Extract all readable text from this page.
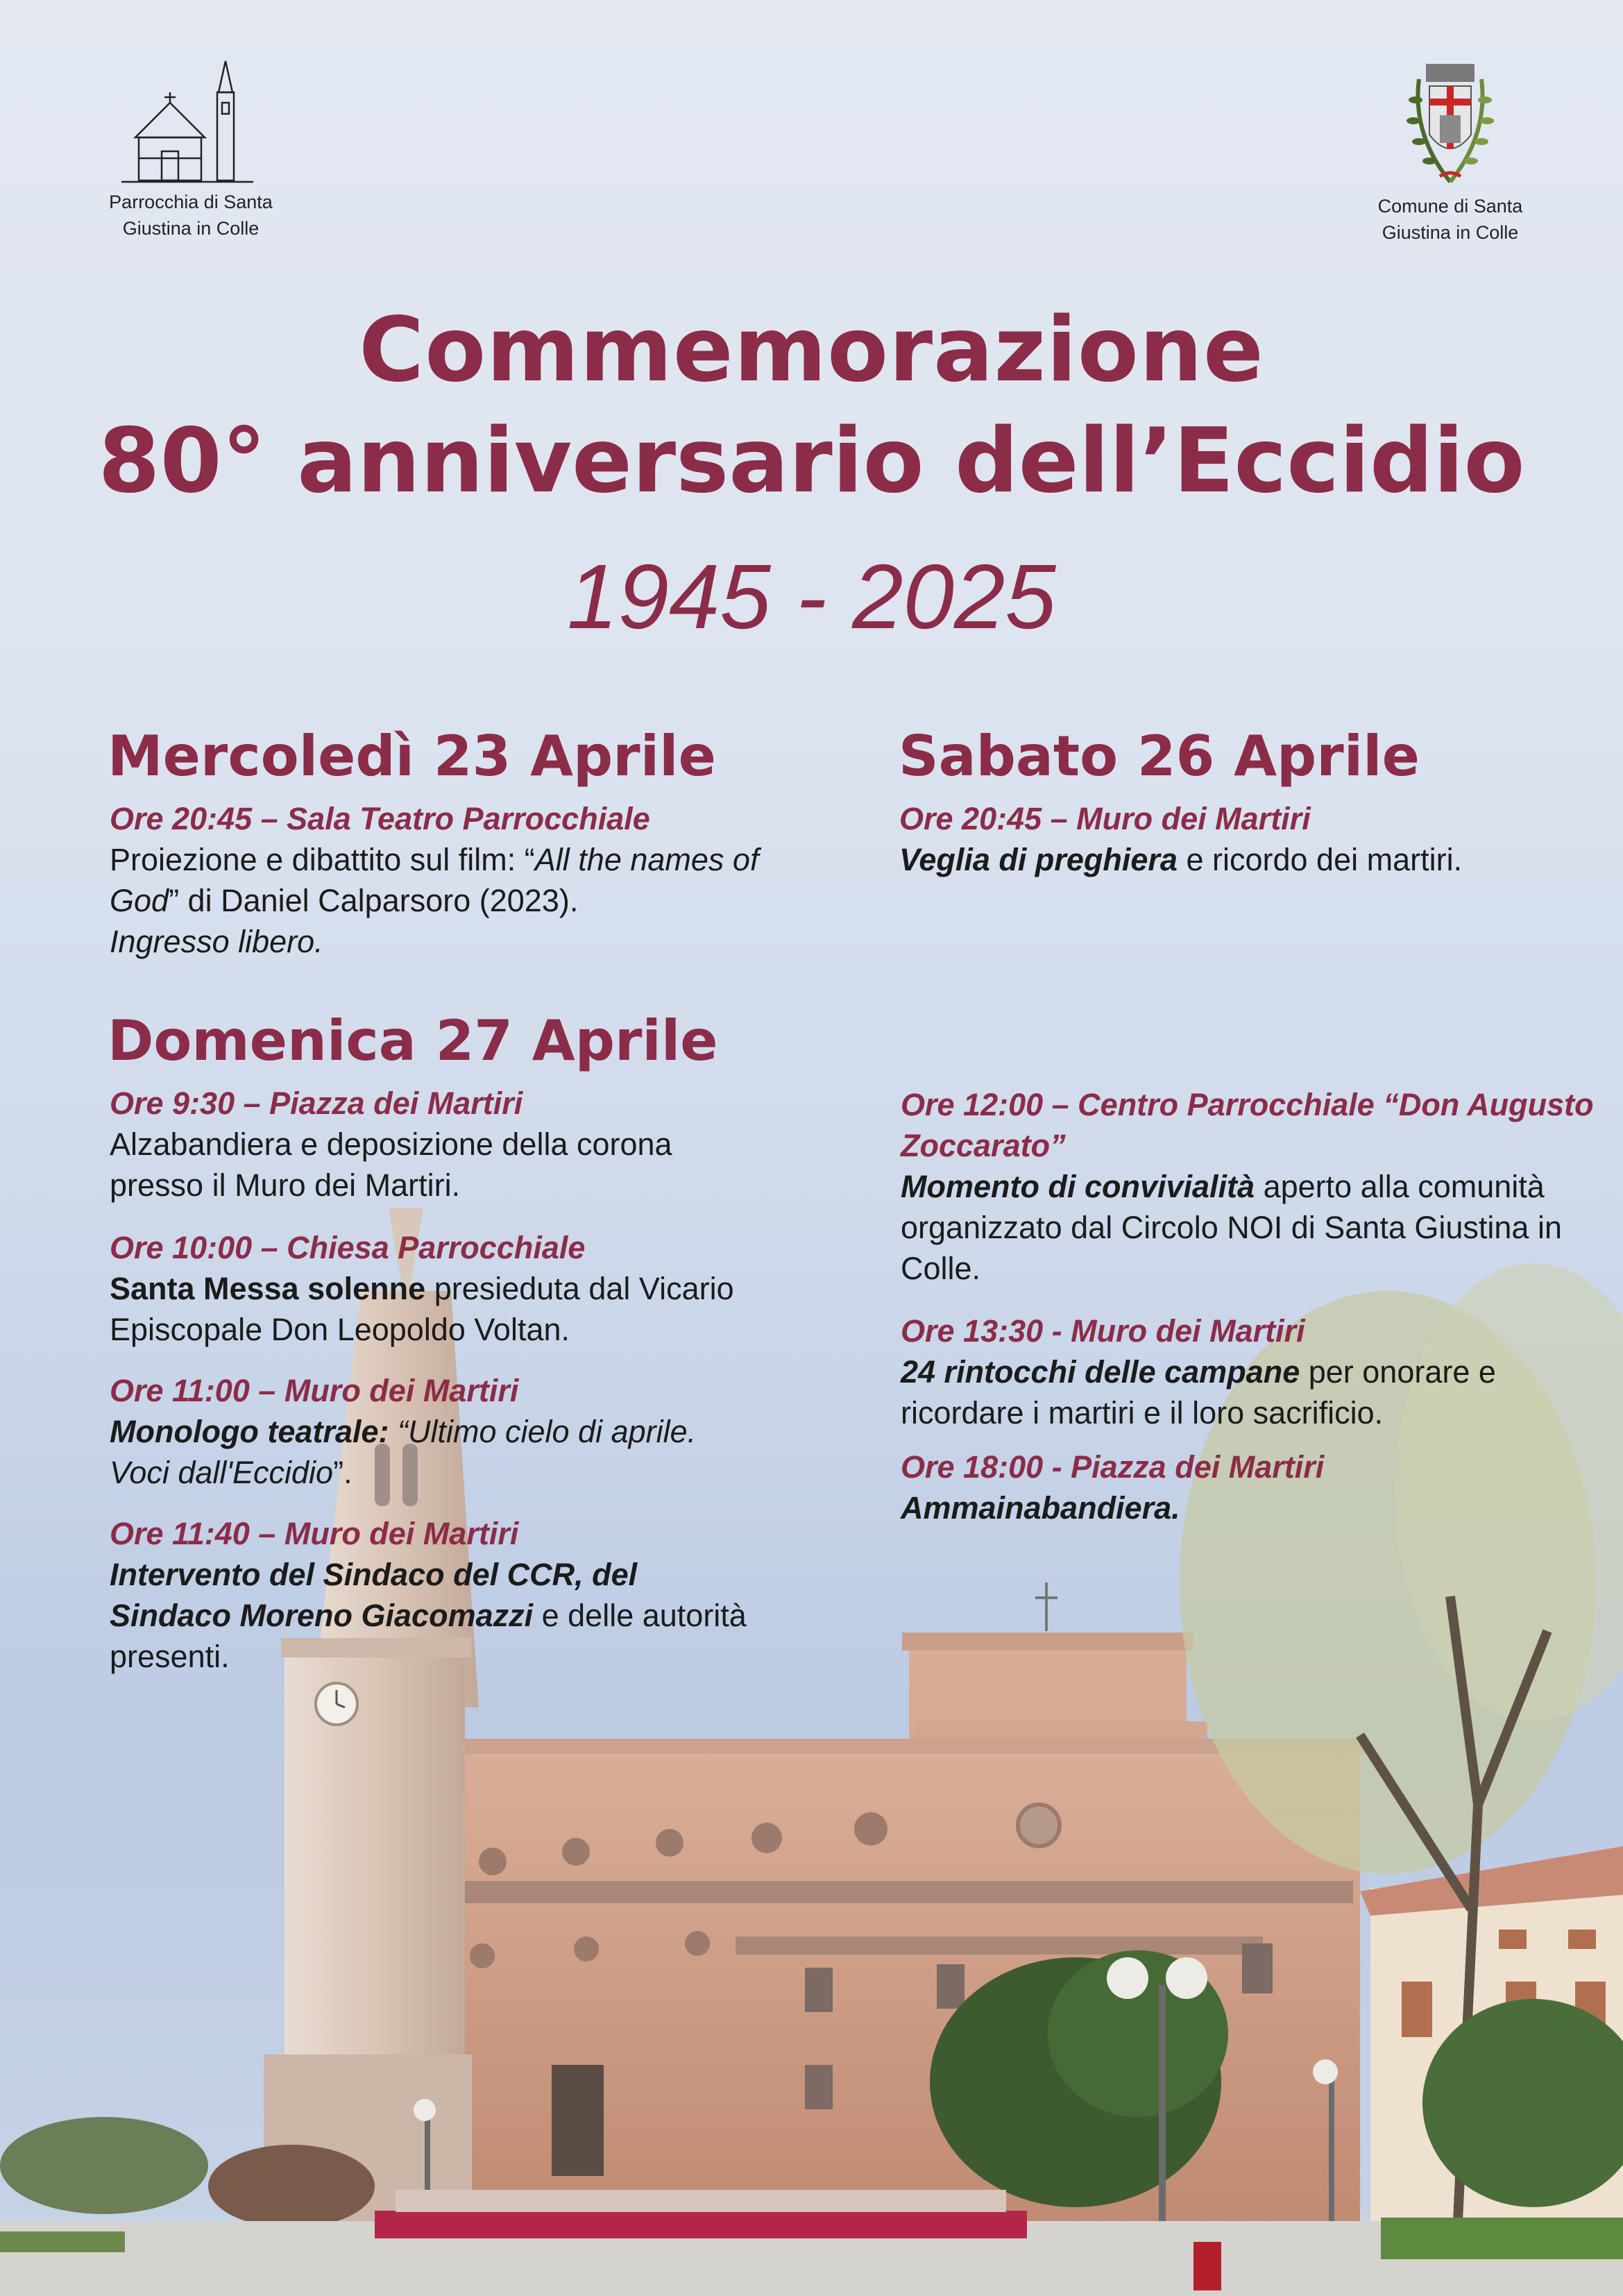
Parrocchia di Santa
Giustina in Colle
Comune di Santa
Giustina in Colle
Commemorazione
80° anniversario dell’Eccidio
1945 - 2025
Mercoledì 23 Aprile	Sabato 26 Aprile
Domenica 27 Aprile
Ore 20:45 – Sala Teatro Parrocchiale
Proiezione e dibattito sul film: “All the names of God” di Daniel Calparsoro (2023).
Ingresso libero.
Ore 20:45 – Muro dei Martiri
Veglia di preghiera e ricordo dei martiri.
Ore 9:30 – Piazza dei Martiri
Alzabandiera e deposizione della corona presso il Muro dei Martiri.
Ore 10:00 – Chiesa Parrocchiale
Santa Messa solenne presieduta dal Vicario Episcopale Don Leopoldo Voltan.
Ore 11:00 – Muro dei Martiri
Monologo teatrale: “Ultimo cielo di aprile. Voci dall'Eccidio”.
Ore 11:40 – Muro dei Martiri
Intervento del Sindaco del CCR, del Sindaco Moreno Giacomazzi e delle autorità presenti.
Ore 12:00 – Centro Parrocchiale “Don Augusto Zoccarato”
Momento di convivialità aperto alla comunità organizzato dal Circolo NOI di Santa Giustina in Colle.
Ore 13:30 - Muro dei Martiri
24 rintocchi delle campane per onorare e ricordare i martiri e il loro sacrificio.
Ore 18:00 - Piazza dei Martiri
Ammainabandiera.
